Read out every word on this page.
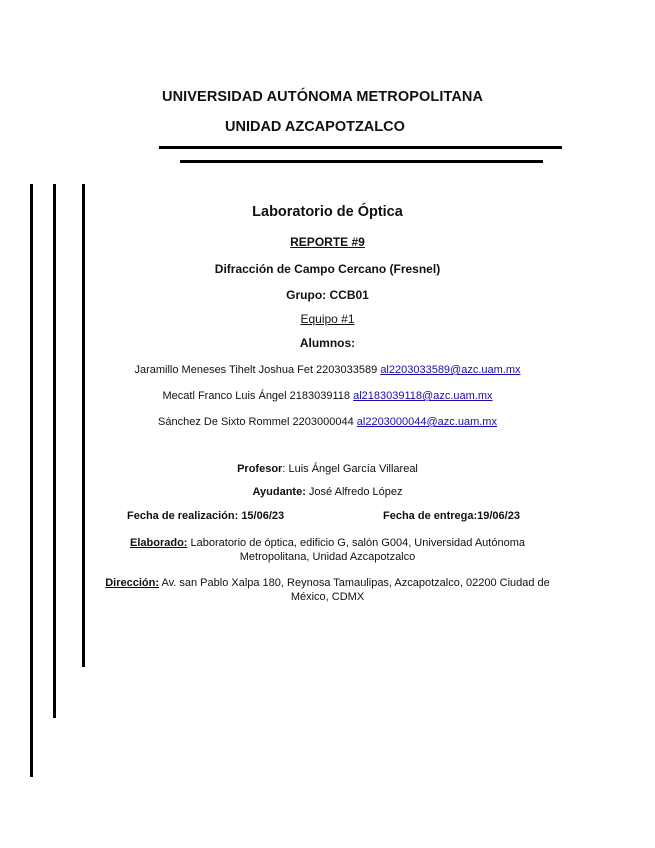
UNIVERSIDAD AUTÓNOMA METROPOLITANA
UNIDAD AZCAPOTZALCO
Laboratorio de Óptica
REPORTE #9
Difracción de Campo Cercano (Fresnel)
Grupo: CCB01
Equipo #1
Alumnos:
Jaramillo Meneses Tihelt Joshua Fet 2203033589 al2203033589@azc.uam.mx
Mecatl Franco Luis Ángel 2183039118 al2183039118@azc.uam.mx
Sánchez De Sixto Rommel 2203000044 al2203000044@azc.uam.mx
Profesor: Luis Ángel García Villareal
Ayudante: José Alfredo López
Fecha de realización: 15/06/23	Fecha de entrega:19/06/23
Elaborado: Laboratorio de óptica, edificio G, salón G004, Universidad Autónoma Metropolitana, Unidad Azcapotzalco
Dirección: Av. san Pablo Xalpa 180, Reynosa Tamaulipas, Azcapotzalco, 02200 Ciudad de México, CDMX
